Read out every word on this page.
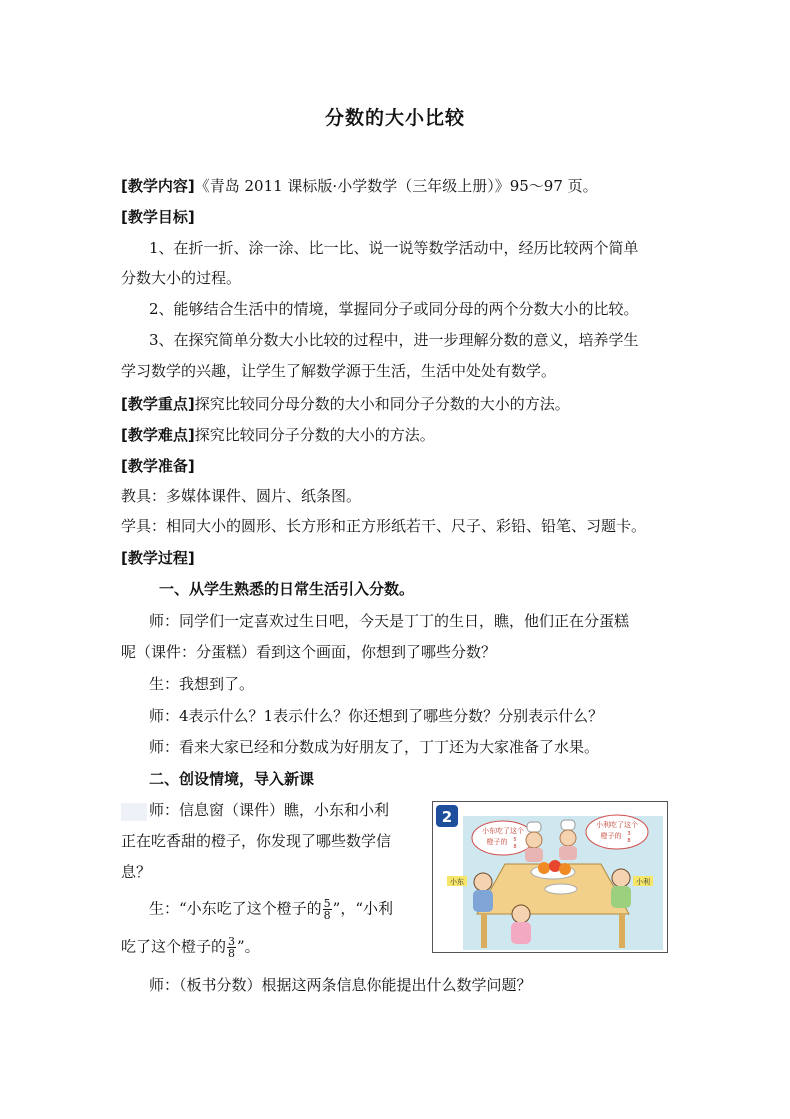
分数的大小比较
[教学内容]《青岛 2011 课标版·小学数学（三年级上册）》95～97 页。
[教学目标]
1、在折一折、涂一涂、比一比、说一说等数学活动中，经历比较两个简单
分数大小的过程。
2、能够结合生活中的情境，掌握同分子或同分母的两个分数大小的比较。
3、在探究简单分数大小比较的过程中，进一步理解分数的意义，培养学生
学习数学的兴趣，让学生了解数学源于生活，生活中处处有数学。
[教学重点]探究比较同分母分数的大小和同分子分数的大小的方法。
[教学难点]探究比较同分子分数的大小的方法。
[教学准备]
教具：多媒体课件、圆片、纸条图。
学具：相同大小的圆形、长方形和正方形纸若干、尺子、彩铅、铅笔、习题卡。
[教学过程]
一、从学生熟悉的日常生活引入分数。
师：同学们一定喜欢过生日吧，今天是丁丁的生日，瞧，他们正在分蛋糕
呢（课件：分蛋糕）看到这个画面，你想到了哪些分数？
生：我想到了。
师：4表示什么？1表示什么？你还想到了哪些分数？分别表示什么？
师：看来大家已经和分数成为好朋友了，丁丁还为大家准备了水果。
二、创设情境，导入新课
师：信息窗（课件）瞧，小东和小利
正在吃香甜的橙子，你发现了哪些数学信
息？
生：“小东吃了这个橙子的 $\frac{5}{8}$ ”，“小利
吃了这个橙子的 $\frac{3}{8}$ ”。
师：（板书分数）根据这两条信息你能提出什么数学问题？
2
小东吃了这个
橙子的 5
8
小利吃了这个
橙子的 3
8
小东	小利
